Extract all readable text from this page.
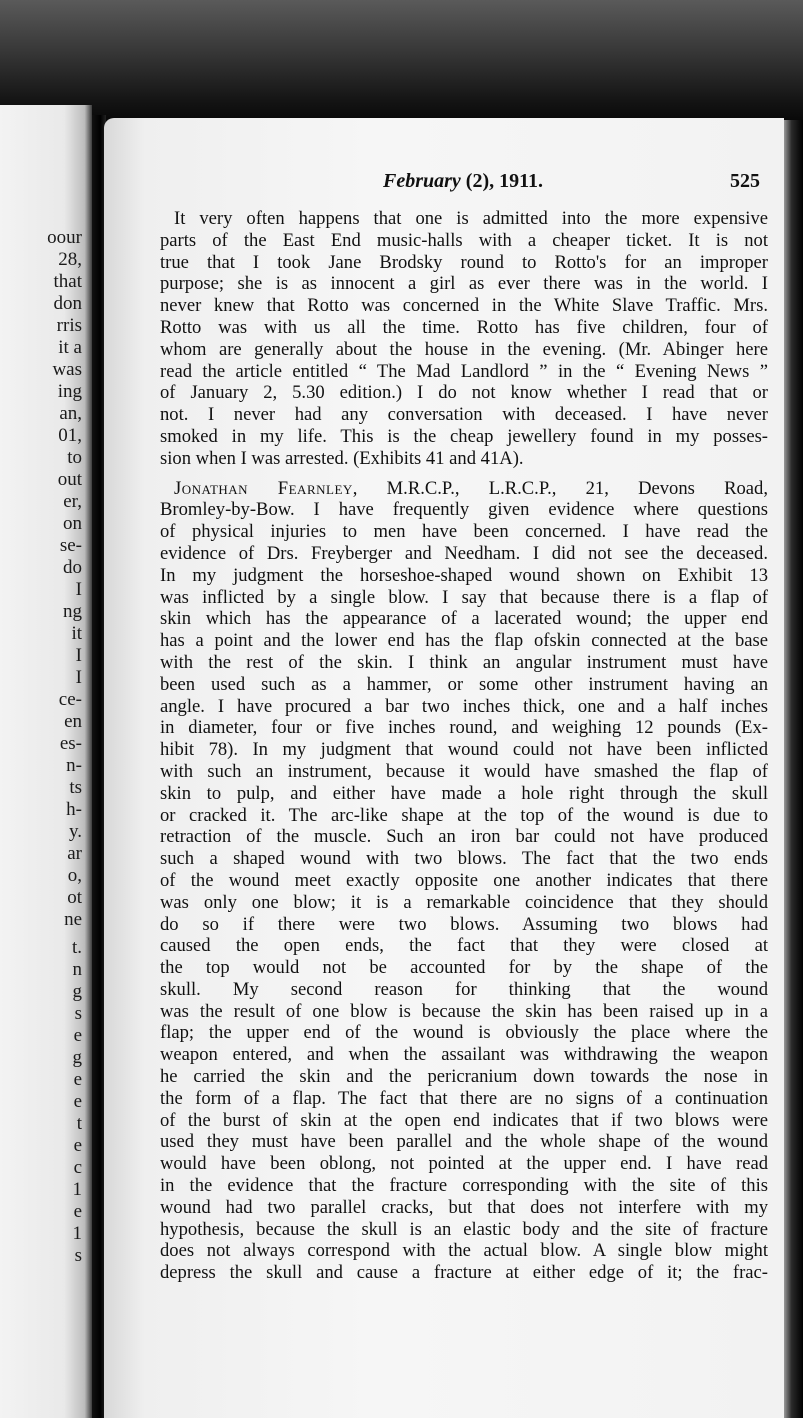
oour
28,
that
don
rris
it a
was
ing
an,
01,
to
out
er,
on
se-
do
I
ng
it
I
I
ce-
en
es-
n-
ts
h-
y.
ar
o,
ot
ne
t.
n
g
s
e
g
e
e
t
e
c
1
e
1
s
February (2), 1911.	525
It very often happens that one is admitted into the more expensive
parts of the East End music-halls with a cheaper ticket. It is not
true that I took Jane Brodsky round to Rotto's for an improper
purpose; she is as innocent a girl as ever there was in the world. I
never knew that Rotto was concerned in the White Slave Traffic. Mrs.
Rotto was with us all the time. Rotto has five children, four of
whom are generally about the house in the evening. (Mr. Abinger here
read the article entitled “ The Mad Landlord ” in the “ Evening News ”
of January 2, 5.30 edition.) I do not know whether I read that or
not. I never had any conversation with deceased. I have never
smoked in my life. This is the cheap jewellery found in my posses-
sion when I was arrested. (Exhibits 41 and 41A).
Jonathan Fearnley, M.R.C.P., L.R.C.P., 21, Devons Road,
Bromley-by-Bow. I have frequently given evidence where questions
of physical injuries to men have been concerned. I have read the
evidence of Drs. Freyberger and Needham. I did not see the deceased.
In my judgment the horseshoe-shaped wound shown on Exhibit 13
was inflicted by a single blow. I say that because there is a flap of
skin which has the appearance of a lacerated wound; the upper end
has a point and the lower end has the flap ofskin connected at the base
with the rest of the skin. I think an angular instrument must have
been used such as a hammer, or some other instrument having an
angle. I have procured a bar two inches thick, one and a half inches
in diameter, four or five inches round, and weighing 12 pounds (Ex-
hibit 78). In my judgment that wound could not have been inflicted
with such an instrument, because it would have smashed the flap of
skin to pulp, and either have made a hole right through the skull
or cracked it. The arc-like shape at the top of the wound is due to
retraction of the muscle. Such an iron bar could not have produced
such a shaped wound with two blows. The fact that the two ends
of the wound meet exactly opposite one another indicates that there
was only one blow; it is a remarkable coincidence that they should
do so if there were two blows. Assuming two blows had
caused the open ends, the fact that they were closed at
the top would not be accounted for by the shape of the
skull. My second reason for thinking that the wound
was the result of one blow is because the skin has been raised up in a
flap; the upper end of the wound is obviously the place where the
weapon entered, and when the assailant was withdrawing the weapon
he carried the skin and the pericranium down towards the nose in
the form of a flap. The fact that there are no signs of a continuation
of the burst of skin at the open end indicates that if two blows were
used they must have been parallel and the whole shape of the wound
would have been oblong, not pointed at the upper end. I have read
in the evidence that the fracture corresponding with the site of this
wound had two parallel cracks, but that does not interfere with my
hypothesis, because the skull is an elastic body and the site of fracture
does not always correspond with the actual blow. A single blow might
depress the skull and cause a fracture at either edge of it; the frac-
